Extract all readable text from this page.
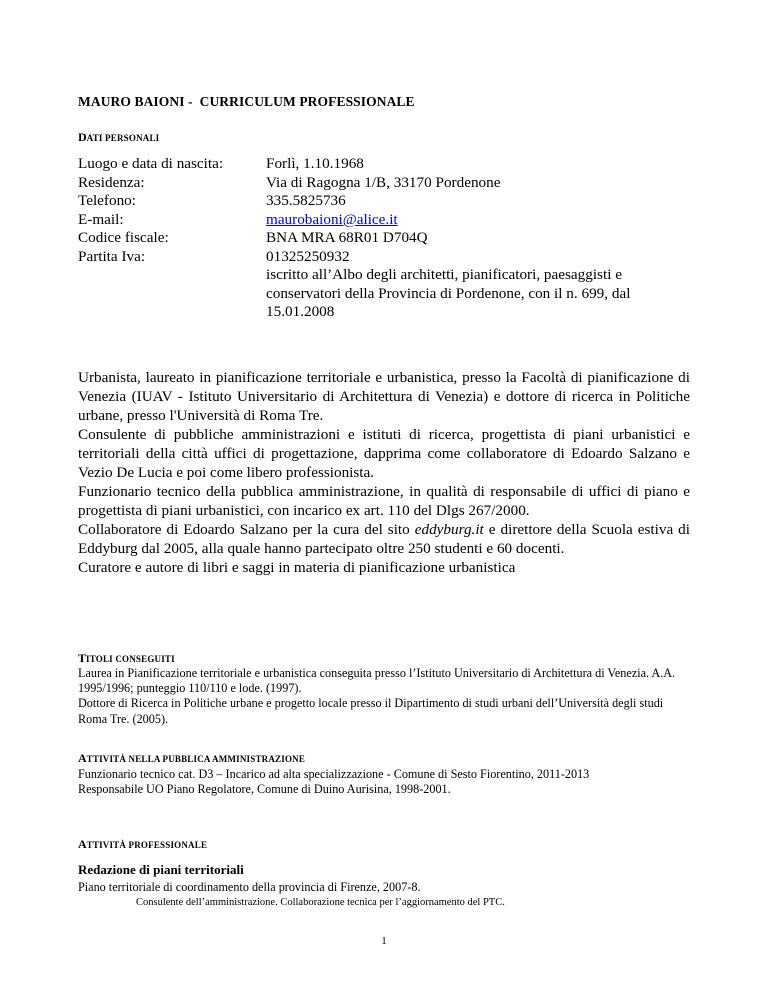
MAURO BAIONI -  CURRICULUM PROFESSIONALE
DATI PERSONALI
Luogo e data di nascita:	Forlì, 1.10.1968
Residenza:	Via di Ragogna 1/B, 33170 Pordenone
Telefono:	335.5825736
E-mail:	maurobaioni@alice.it
Codice fiscale:	BNA MRA 68R01 D704Q
Partita Iva:	01325250932
iscritto all’Albo degli architetti, pianificatori, paesaggisti e conservatori della Provincia di Pordenone, con il n. 699, dal 15.01.2008

Urbanista, laureato in pianificazione territoriale e urbanistica, presso la Facoltà di pianificazione di Venezia (IUAV - Istituto Universitario di Architettura di Venezia) e dottore di ricerca in Politiche urbane, presso l'Università di Roma Tre.

Consulente di pubbliche amministrazioni e istituti di ricerca, progettista di piani urbanistici e territoriali della città uffici di progettazione, dapprima come collaboratore di Edoardo Salzano e Vezio De Lucia e poi come libero professionista.

Funzionario tecnico della pubblica amministrazione, in qualità di responsabile di uffici di piano e progettista di piani urbanistici, con incarico ex art. 110 del Dlgs 267/2000.

Collaboratore di Edoardo Salzano per la cura del sito eddyburg.it e direttore della Scuola estiva di Eddyburg dal 2005, alla quale hanno partecipato oltre 250 studenti e 60 docenti.

Curatore e autore di libri e saggi in materia di pianificazione urbanistica

TITOLI CONSEGUITI

Laurea in Pianificazione territoriale e urbanistica conseguita presso l’Istituto Universitario di Architettura di Venezia. A.A. 1995/1996; punteggio 110/110 e lode. (1997).

Dottore di Ricerca in Politiche urbane e progetto locale presso il Dipartimento di studi urbani dell’Università degli studi Roma Tre. (2005).

ATTIVITÀ NELLA PUBBLICA AMMINISTRAZIONE

Funzionario tecnico cat. D3 – Incarico ad alta specializzazione - Comune di Sesto Fiorentino, 2011-2013

Responsabile UO Piano Regolatore, Comune di Duino Aurisina, 1998-2001.

ATTIVITÀ PROFESSIONALE
Redazione di piani territoriali
Piano territoriale di coordinamento della provincia di Firenze, 2007-8.
Consulente dell’amministrazione. Collaborazione tecnica per l’aggiornamento del PTC.
1
